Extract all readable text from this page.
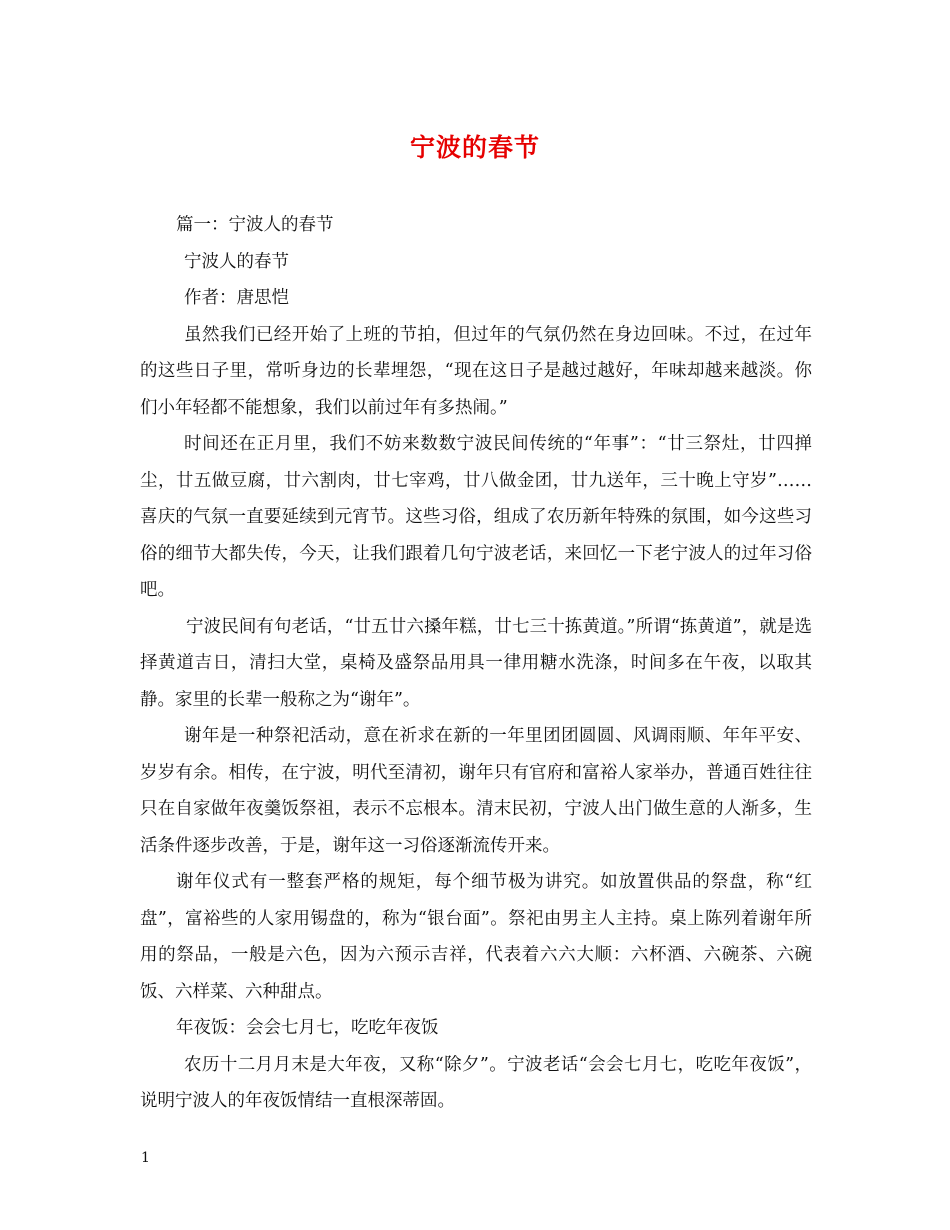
宁波的春节

篇一：宁波人的春节

宁波人的春节

作者：唐思恺

虽然我们已经开始了上班的节拍，但过年的气氛仍然在身边回味。不过，在过年的这些日子里，常听身边的长辈埋怨，“现在这日子是越过越好，年味却越来越淡。你们小年轻都不能想象，我们以前过年有多热闹。”

时间还在正月里，我们不妨来数数宁波民间传统的“年事”：“廿三祭灶，廿四掸尘，廿五做豆腐，廿六割肉，廿七宰鸡，廿八做金团，廿九送年，三十晚上守岁”……喜庆的气氛一直要延续到元宵节。这些习俗，组成了农历新年特殊的氛围，如今这些习俗的细节大都失传，今天，让我们跟着几句宁波老话，来回忆一下老宁波人的过年习俗吧。

宁波民间有句老话，“廿五廿六搡年糕，廿七三十拣黄道。”所谓“拣黄道”，就是选择黄道吉日，清扫大堂，桌椅及盛祭品用具一律用糖水洗涤，时间多在午夜，以取其静。家里的长辈一般称之为“谢年”。

谢年是一种祭祀活动，意在祈求在新的一年里团团圆圆、风调雨顺、年年平安、岁岁有余。相传，在宁波，明代至清初，谢年只有官府和富裕人家举办，普通百姓往往只在自家做年夜羹饭祭祖，表示不忘根本。清末民初，宁波人出门做生意的人渐多，生活条件逐步改善，于是，谢年这一习俗逐渐流传开来。

谢年仪式有一整套严格的规矩，每个细节极为讲究。如放置供品的祭盘，称“红盘”，富裕些的人家用锡盘的，称为“银台面”。祭祀由男主人主持。桌上陈列着谢年所用的祭品，一般是六色，因为六预示吉祥，代表着六六大顺：六杯酒、六碗茶、六碗饭、六样菜、六种甜点。

年夜饭：会会七月七，吃吃年夜饭

农历十二月月末是大年夜，又称“除夕”。宁波老话“会会七月七，吃吃年夜饭”，说明宁波人的年夜饭情结一直根深蒂固。

1
